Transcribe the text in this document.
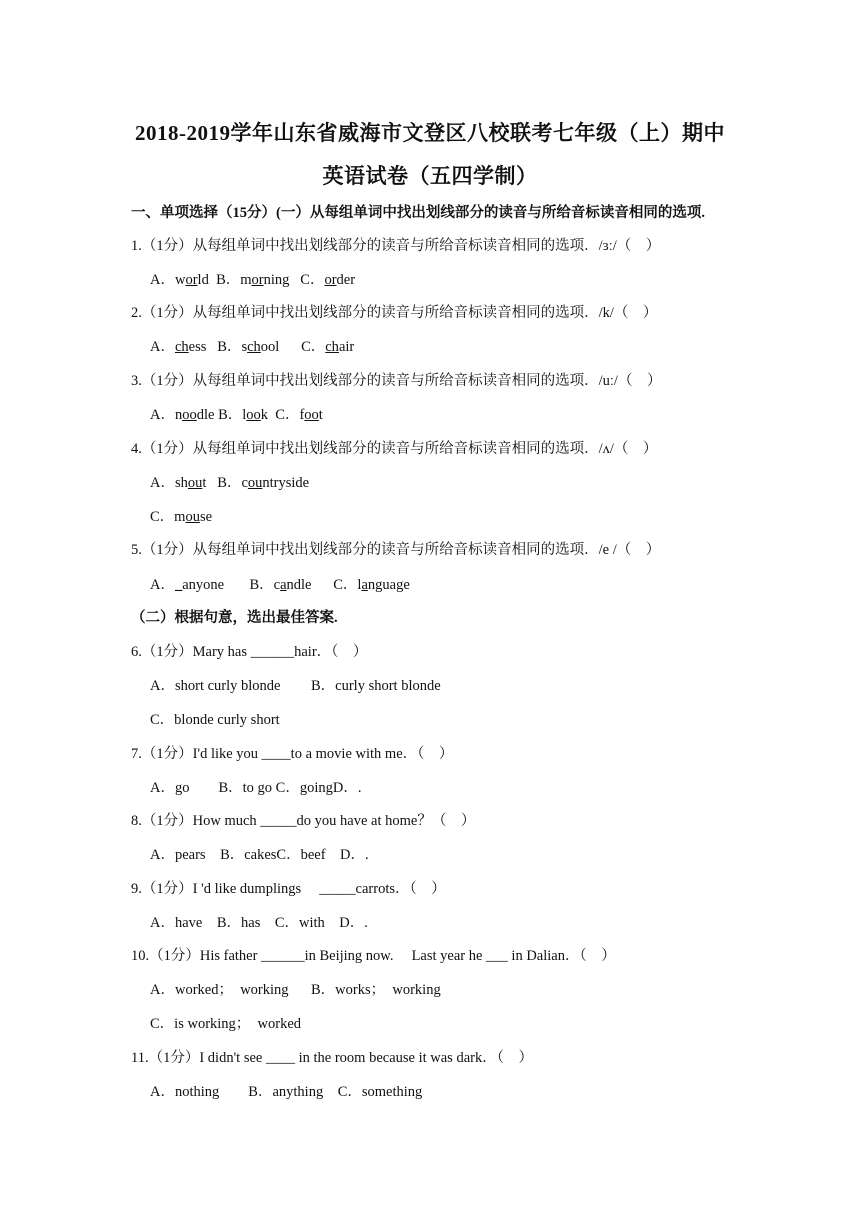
2018-2019学年山东省威海市文登区八校联考七年级（上）期中
英语试卷（五四学制）
一、单项选择（15分）(一）从每组单词中找出划线部分的读音与所给音标读音相同的选项.
1.（1分）从每组单词中找出划线部分的读音与所给音标读音相同的选项．/ɜː/（　）
A．world B．morning C．order
2.（1分）从每组单词中找出划线部分的读音与所给音标读音相同的选项．/k/（　）
A．chess B．school C．chair
3.（1分）从每组单词中找出划线部分的读音与所给音标读音相同的选项．/uː/（　）
A．noodle B．look C．foot
4.（1分）从每组单词中找出划线部分的读音与所给音标读音相同的选项．/ʌ/（　）
A．shout B．countryside
C．mouse
5.（1分）从每组单词中找出划线部分的读音与所给音标读音相同的选项．/e /（　）
A．_anyone B．candle C．language
（二）根据句意，选出最佳答案.
6.（1分）Mary has ______hair．（　）
A．short curly blonde B．curly short blonde
C．blonde curly short
7.（1分）I'd like you ____to a movie with me．（　）
A．go　　B．to go C．goingD．.
8.（1分）How much _____do you have at home？（　）
A．pears　B．cakesC．beef　D．.
9.（1分）I 'd like dumplings　 _____carrots．（　）
A．have　B．has　C．with　D．.
10.（1分）His father ______in Beijing now.　 Last year he ___ in Dalian．（　）
A．worked；　working B．works；　working
C．is working；　worked
11.（1分）I didn't see ____ in the room because it was dark．（　）
A．nothing　　B．anything　C．something
